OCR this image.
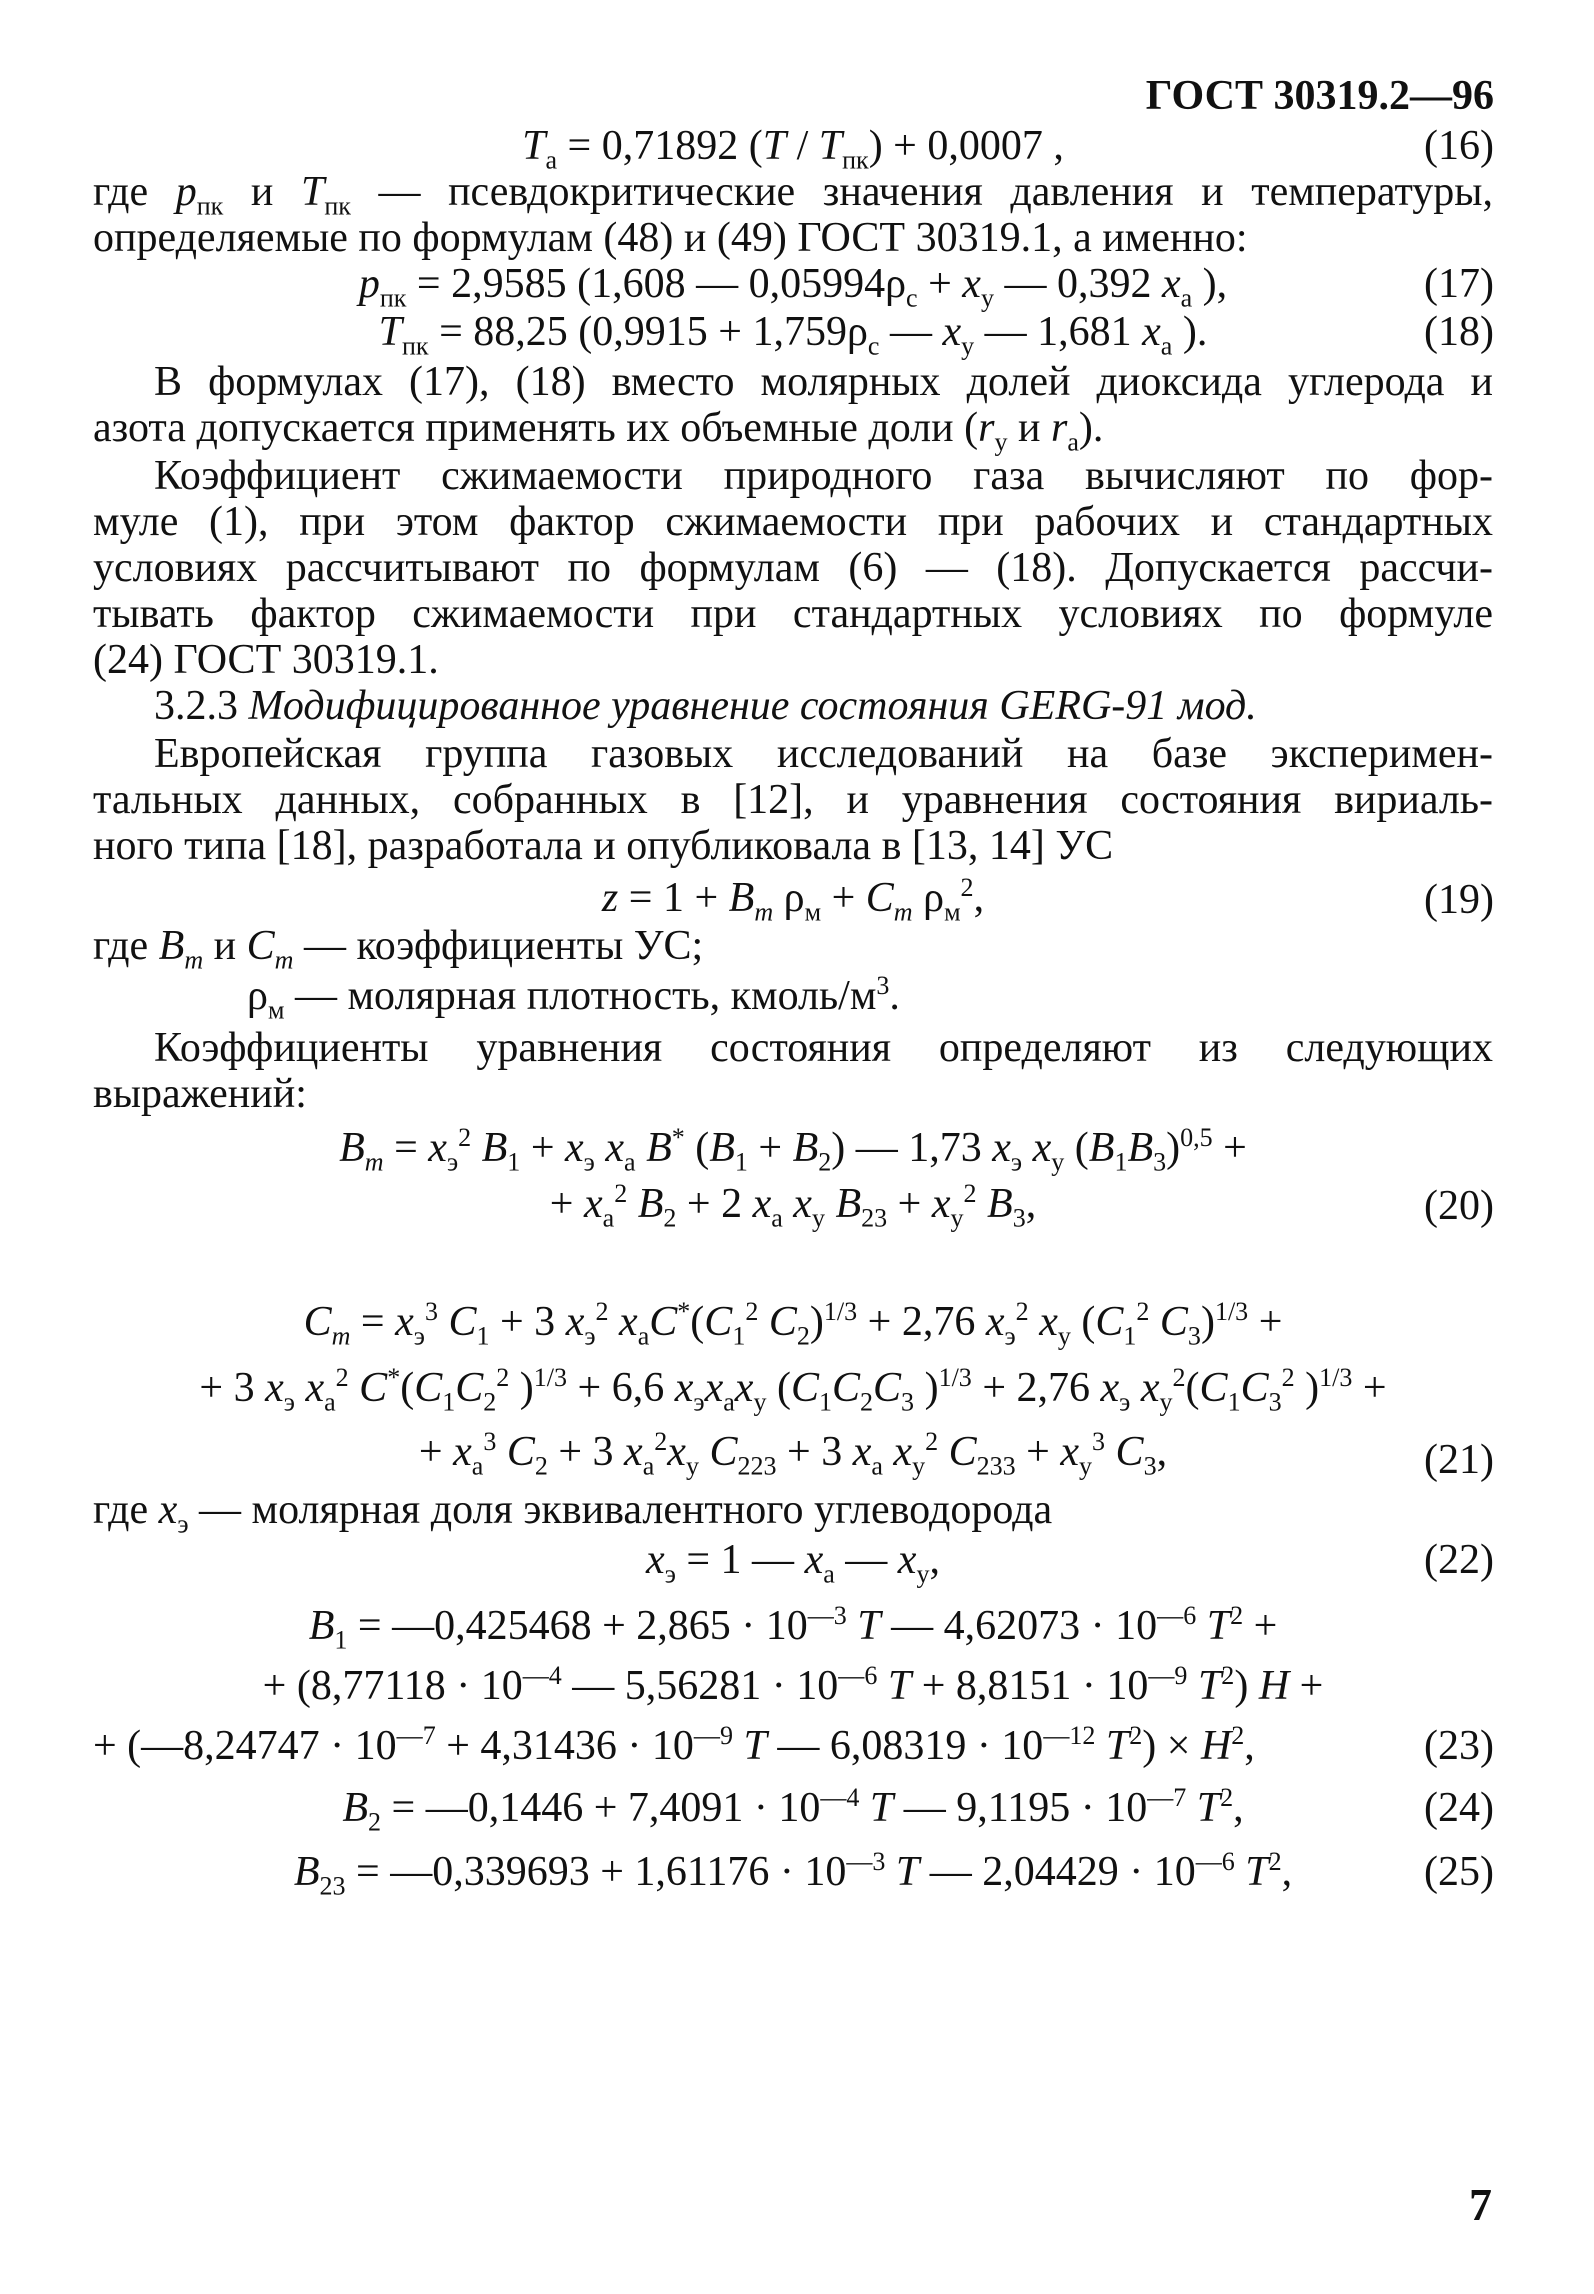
ГОСТ 30319.2—96
$T_а = 0,71892$ $(T / T_{пк}) + 0,0007$ ,	(16)
где $p_{пк}$ и $T_{пк}$ — псевдокритические значения давления и температуры,
определяемые по формулам (48) и (49) ГОСТ 30319.1, а именно:
$p_{пк} = 2,9585$ (1,608 — $0,05994\rho_с + x_у$ — 0,392 $x_а$ ),	(17)
$T_{пк} = 88,25$ ($0,9915 + 1,759\rho_с$ — $x_у$ — 1,681 $x_а$ ).	(18)
В формулах (17), (18) вместо молярных долей диоксида углерода и
азота допускается применять их объемные доли ($r_у$ и $r_а$).
Коэффициент сжимаемости природного газа вычисляют по фор-
муле (1), при этом фактор сжимаемости при рабочих и стандартных
условиях рассчитывают по формулам (6) — (18). Допускается рассчи-
тывать фактор сжимаемости при стандартных условиях по формуле
(24) ГОСТ 30319.1.
3.2.3 Модифицированное уравнение состояния GERG-91 мод.
Европейская группа газовых исследований на базе эксперимен-
тальных данных, собранных в [12], и уравнения состояния вириаль-
ного типа [18], разработала и опубликовала в [13, 14] УС
$z = 1 + B_m$ $\rho_м + C_m$ $\rho_м^2$,	(19)
где $B_m$ и $C_m$ — коэффициенты УС;
$\rho_м$ — молярная плотность, кмоль/$м^3$.
Коэффициенты уравнения состояния определяют из следующих
выражений:
$B_m = x_э^2$ $B_1 + x_э$ $x_а$ B* $(B_1 + B_2)$ — 1,73 $x_э$ $x_у$ $(B_1B_3)^{0,5}$ +
+ $x_а^2$ $B_2 + 2$ $x_а$ $x_у$ $B_{23} + x_у^2$ $B_3$,	(20)
$C_m = x_э^3$ $C_1 + 3$ $x_э^2$ $x_аC^*(C_1^2$ $C_2)^{1/3} + 2,76$ $x_э^2$ $x_у$ ($C_1^2$ $C_3)^{1/3}$ +
+ 3 $x_э$ $x_а^2$ $C^*(C_1C_2^2$ )$^{1/3}$ + 6,6 $x_эx_аx_у$ ($C_1C_2C_3$ )$^{1/3}$ + 2,76 $x_э$ $x_у^2(C_1C_3^2$ )$^{1/3}$ +
+ $x_а^3$ $C_2 + 3$ $x_а^2x_у$ $C_{223} + 3$ $x_а$ $x_у^2$ $C_{233} + x_у^3$ $C_3$,	(21)
где $x_э$ — молярная доля эквивалентного углеводорода
$x_э = 1$ — $x_а$ — $x_у$,	(22)
$B_1$ = —0,425468 + $2,865 \cdot 10^{—3}$ T — $4,62073 \cdot 10^{—6}$ $T^2$ +
+ ($8,77118 \cdot 10^{—4}$ — $5,56281 \cdot 10^{—6}$ $T + 8,8151 \cdot 10^{—9}$ $T^2$) H +
+ (—8,24747 · $10^{—7} + 4,31436 \cdot 10^{—9}$ T — $6,08319 \cdot 10^{—12}$ $T^2) \times H^2$,	(23)
$B_2$ = —0,1446 + $7,4091 \cdot 10^{—4}$ T — $9,1195 \cdot 10^{—7}$ $T^2$,	(24)
$B_{23}$ = —0,339693 + $1,61176 \cdot 10^{—3}$ T — $2,04429 \cdot 10^{—6}$ $T^2$,	(25)
7
